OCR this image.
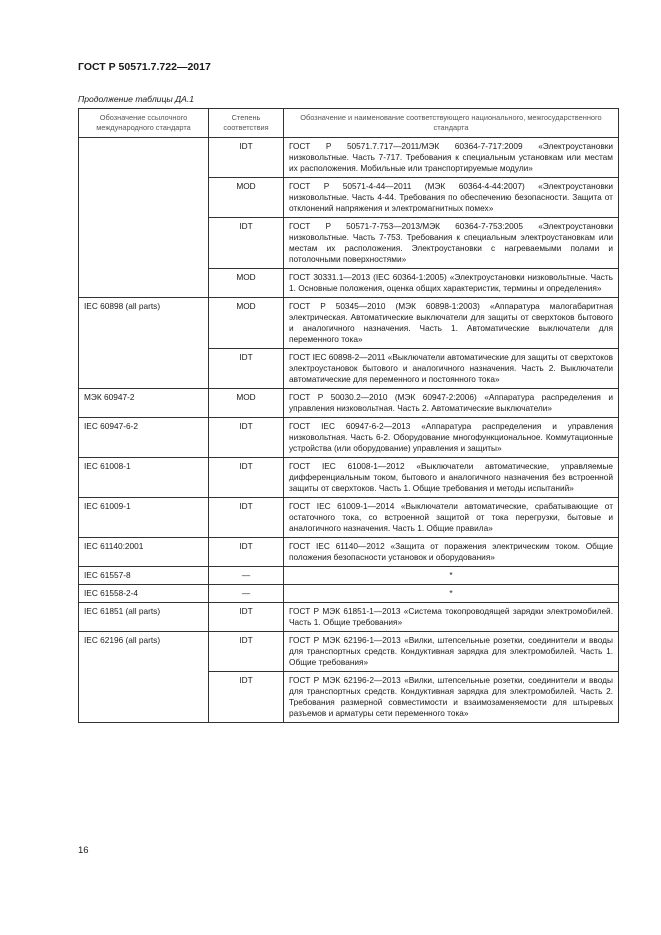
ГОСТ Р 50571.7.722—2017
Продолжение таблицы ДА.1
Обозначение ссылочного международного стандарта	Степень соответствия	Обозначение и наименование соответствующего национального, межгосударственного стандарта
	IDT	ГОСТ Р 50571.7.717—2011/МЭК 60364-7-717:2009 «Электроустановки низковольтные. Часть 7-717. Требования к специальным установкам или местам их расположения. Мобильные или транспортируемые модули»
	MOD	ГОСТ Р 50571-4-44—2011 (МЭК 60364-4-44:2007) «Электроустановки низковольтные. Часть 4-44. Требования по обеспечению безопасности. Защита от отклонений напряжения и электромагнитных помех»
	IDT	ГОСТ Р 50571-7-753—2013/МЭК 60364-7-753:2005 «Электроустановки низковольтные. Часть 7-753. Требования к специальным электроустановкам или местам их расположения. Электроустановки с нагреваемыми полами и потолочными поверхностями»
	MOD	ГОСТ 30331.1—2013 (IEC 60364-1:2005) «Электроустановки низковольтные. Часть 1. Основные положения, оценка общих характеристик, термины и определения»
IEC 60898 (all parts)	MOD	ГОСТ Р 50345—2010 (МЭК 60898-1:2003) «Аппаратура малогабаритная электрическая. Автоматические выключатели для защиты от сверхтоков бытового и аналогичного назначения. Часть 1. Автоматические выключатели для переменного тока»
	IDT	ГОСТ IEC 60898-2—2011 «Выключатели автоматические для защиты от сверхтоков электроустановок бытового и аналогичного назначения. Часть 2. Выключатели автоматические для переменного и постоянного тока»
МЭК 60947-2	MOD	ГОСТ Р 50030.2—2010 (МЭК 60947-2:2006) «Аппаратура распределения и управления низковольтная. Часть 2. Автоматические выключатели»
IEC 60947-6-2	IDT	ГОСТ IEC 60947-6-2—2013 «Аппаратура распределения и управления низковольтная. Часть 6-2. Оборудование многофункциональное. Коммутационные устройства (или оборудование) управления и защиты»
IEC 61008-1	IDT	ГОСТ IEC 61008-1—2012 «Выключатели автоматические, управляемые дифференциальным током, бытового и аналогичного назначения без встроенной защиты от сверхтоков. Часть 1. Общие требования и методы испытаний»
IEC 61009-1	IDT	ГОСТ IEC 61009-1—2014 «Выключатели автоматические, срабатывающие от остаточного тока, со встроенной защитой от тока перегрузки, бытовые и аналогичного назначения. Часть 1. Общие правила»
IEC 61140:2001	IDT	ГОСТ IEC 61140—2012 «Защита от поражения электрическим током. Общие положения безопасности установок и оборудования»
IEC 61557-8	—	*
IEC 61558-2-4	—	*
IEC 61851 (all parts)	IDT	ГОСТ Р МЭК 61851-1—2013 «Система токопроводящей зарядки электромобилей. Часть 1. Общие требования»
IEC 62196 (all parts)	IDT	ГОСТ Р МЭК 62196-1—2013 «Вилки, штепсельные розетки, соединители и вводы для транспортных средств. Кондуктивная зарядка для электромобилей. Часть 1. Общие требования»
	IDT	ГОСТ Р МЭК 62196-2—2013 «Вилки, штепсельные розетки, соединители и вводы для транспортных средств. Кондуктивная зарядка для электромобилей. Часть 2. Требования размерной совместимости и взаимозаменяемости для штыревых разъемов и арматуры сети переменного тока»
16
